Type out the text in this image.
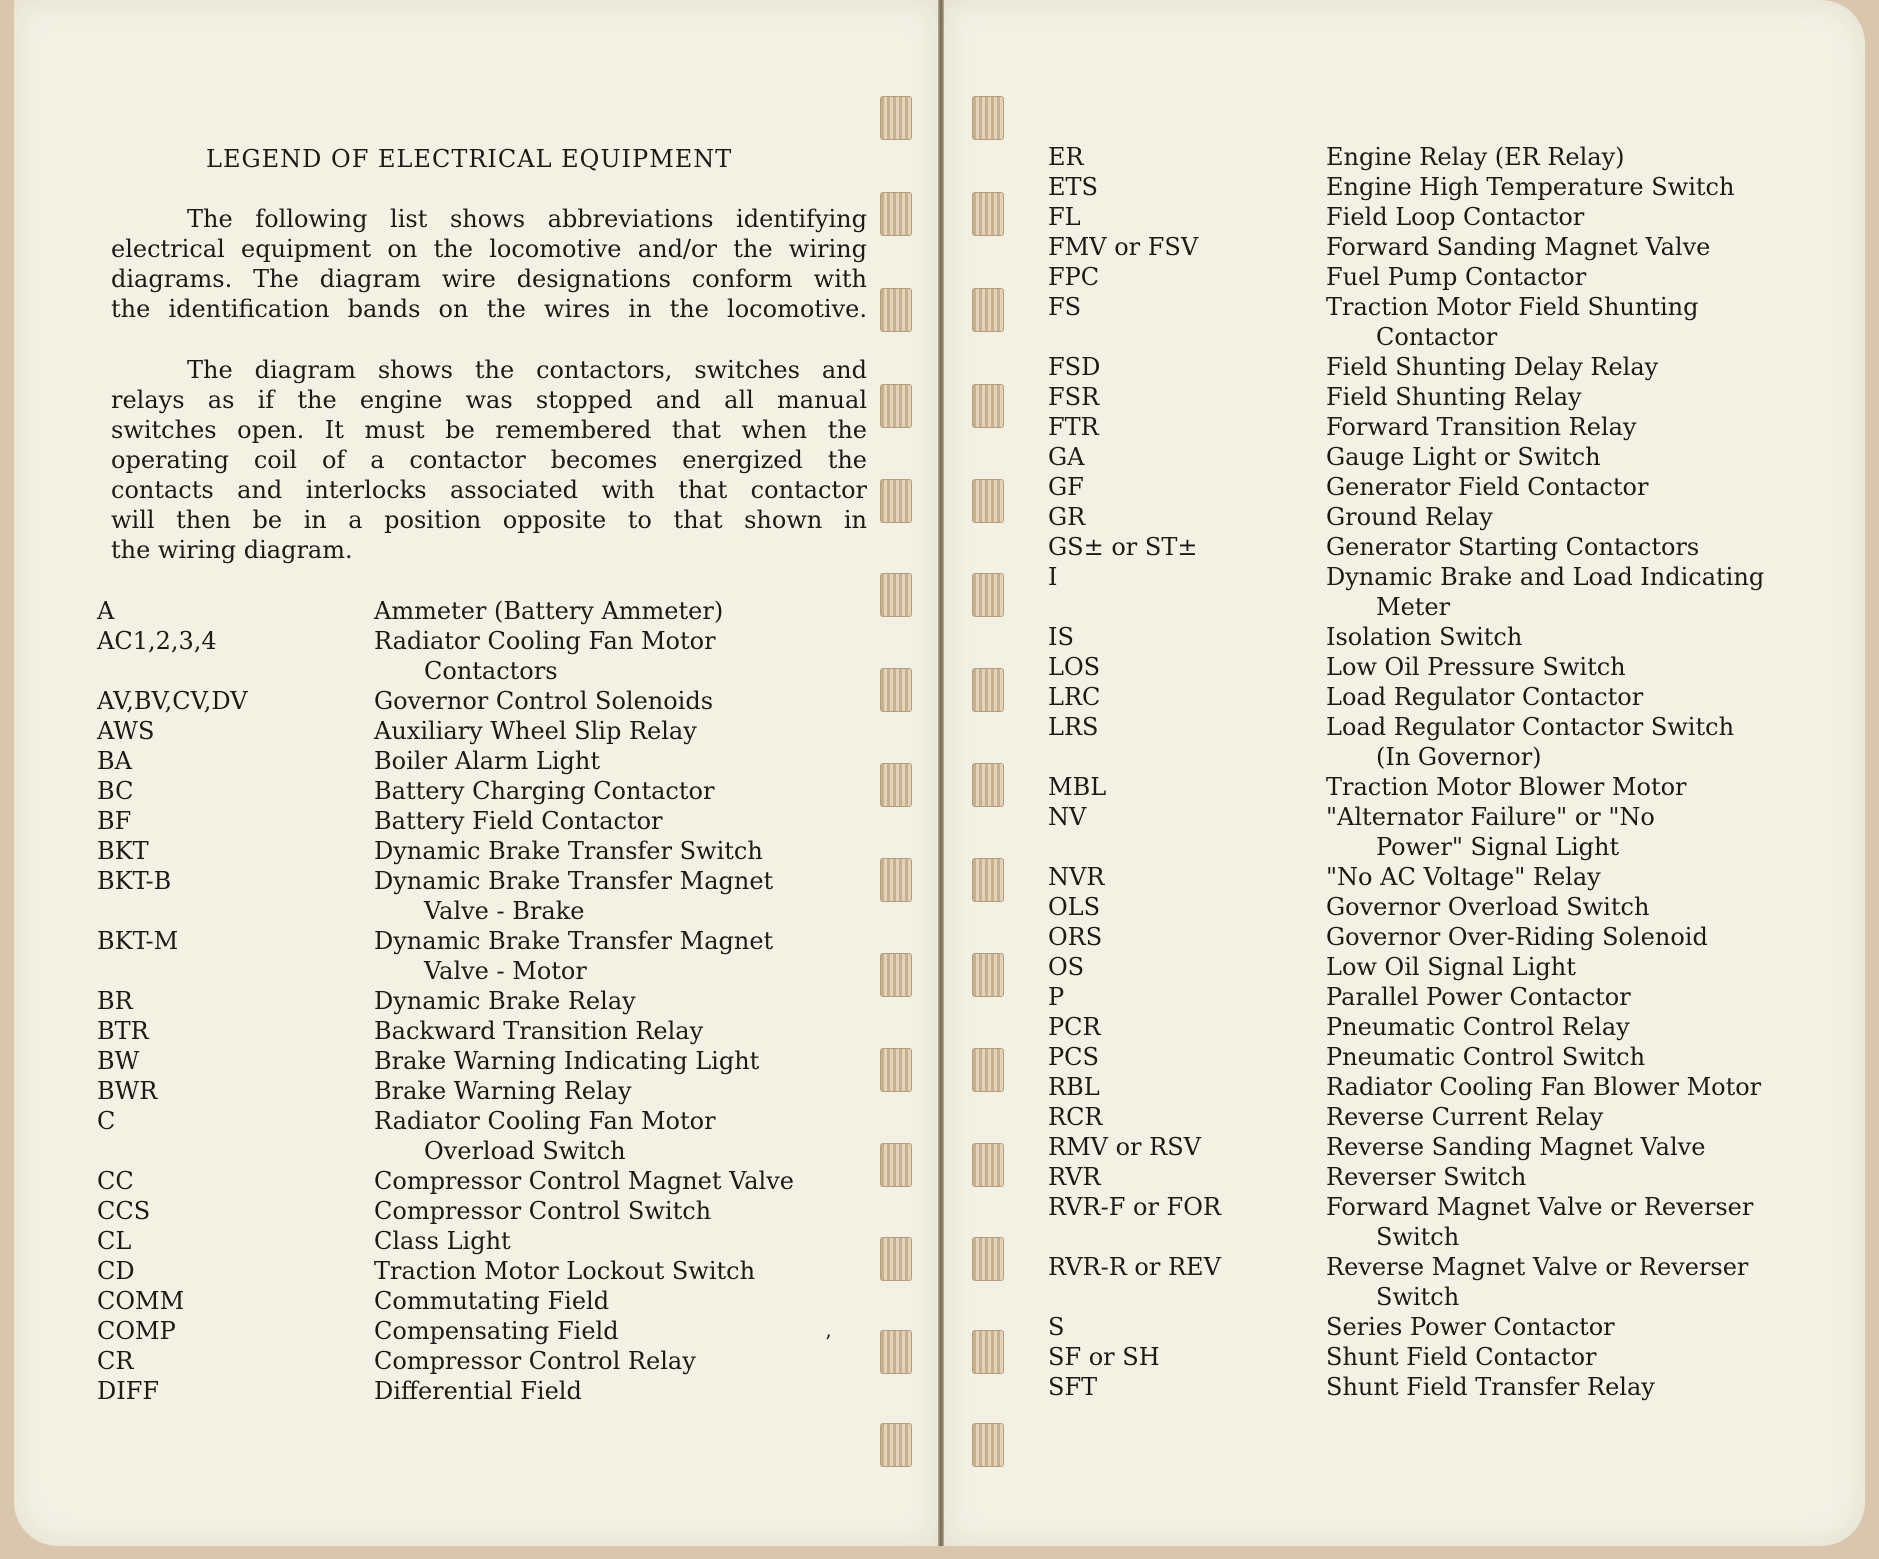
LEGEND OF ELECTRICAL EQUIPMENT
The following list shows abbreviations identifying
electrical equipment on the locomotive and/or the wiring
diagrams. The diagram wire designations conform with
the identification bands on the wires in the locomotive.
The diagram shows the contactors, switches and
relays as if the engine was stopped and all manual
switches open. It must be remembered that when the
operating coil of a contactor becomes energized the
contacts and interlocks associated with that contactor
will then be in a position opposite to that shown in
the wiring diagram.
A	Ammeter (Battery Ammeter)
AC1,2,3,4	Radiator Cooling Fan Motor
Contactors
AV,BV,CV,DV	Governor Control Solenoids
AWS	Auxiliary Wheel Slip Relay
BA	Boiler Alarm Light
BC	Battery Charging Contactor
BF	Battery Field Contactor
BKT	Dynamic Brake Transfer Switch
BKT-B	Dynamic Brake Transfer Magnet
Valve - Brake
BKT-M	Dynamic Brake Transfer Magnet
Valve - Motor
BR	Dynamic Brake Relay
BTR	Backward Transition Relay
BW	Brake Warning Indicating Light
BWR	Brake Warning Relay
C	Radiator Cooling Fan Motor
Overload Switch
CC	Compressor Control Magnet Valve
CCS	Compressor Control Switch
CL	Class Light
CD	Traction Motor Lockout Switch
COMM	Commutating Field
COMP	Compensating Field
CR	Compressor Control Relay
DIFF	Differential Field
’
ER	Engine Relay (ER Relay)
ETS	Engine High Temperature Switch
FL	Field Loop Contactor
FMV or FSV	Forward Sanding Magnet Valve
FPC	Fuel Pump Contactor
FS	Traction Motor Field Shunting
Contactor
FSD	Field Shunting Delay Relay
FSR	Field Shunting Relay
FTR	Forward Transition Relay
GA	Gauge Light or Switch
GF	Generator Field Contactor
GR	Ground Relay
GS± or ST±	Generator Starting Contactors
I	Dynamic Brake and Load Indicating
Meter
IS	Isolation Switch
LOS	Low Oil Pressure Switch
LRC	Load Regulator Contactor
LRS	Load Regulator Contactor Switch
(In Governor)
MBL	Traction Motor Blower Motor
NV	"Alternator Failure" or "No
Power" Signal Light
NVR	"No AC Voltage" Relay
OLS	Governor Overload Switch
ORS	Governor Over-Riding Solenoid
OS	Low Oil Signal Light
P	Parallel Power Contactor
PCR	Pneumatic Control Relay
PCS	Pneumatic Control Switch
RBL	Radiator Cooling Fan Blower Motor
RCR	Reverse Current Relay
RMV or RSV	Reverse Sanding Magnet Valve
RVR	Reverser Switch
RVR-F or FOR	Forward Magnet Valve or Reverser
Switch
RVR-R or REV	Reverse Magnet Valve or Reverser
Switch
S	Series Power Contactor
SF or SH	Shunt Field Contactor
SFT	Shunt Field Transfer Relay
